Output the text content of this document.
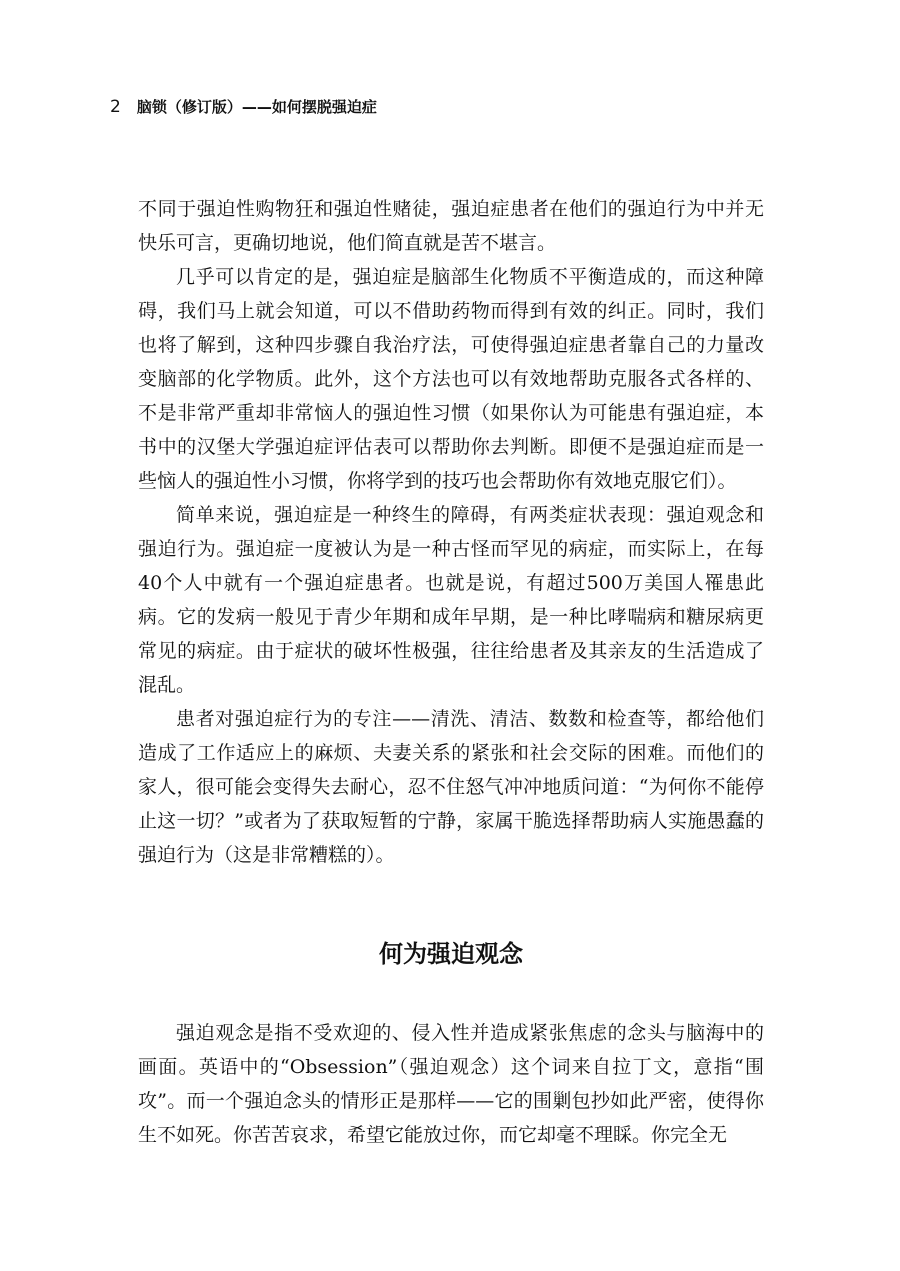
2 脑锁（修订版）——如何摆脱强迫症

不同于强迫性购物狂和强迫性赌徒，强迫症患者在他们的强迫行为中并无快乐可言，更确切地说，他们简直就是苦不堪言。

几乎可以肯定的是，强迫症是脑部生化物质不平衡造成的，而这种障碍，我们马上就会知道，可以不借助药物而得到有效的纠正。同时，我们也将了解到，这种四步骤自我治疗法，可使得强迫症患者靠自己的力量改变脑部的化学物质。此外，这个方法也可以有效地帮助克服各式各样的、不是非常严重却非常恼人的强迫性习惯（如果你认为可能患有强迫症，本书中的汉堡大学强迫症评估表可以帮助你去判断。即便不是强迫症而是一些恼人的强迫性小习惯，你将学到的技巧也会帮助你有效地克服它们）。

简单来说，强迫症是一种终生的障碍，有两类症状表现：强迫观念和强迫行为。强迫症一度被认为是一种古怪而罕见的病症，而实际上，在每40个人中就有一个强迫症患者。也就是说，有超过500万美国人罹患此病。它的发病一般见于青少年期和成年早期，是一种比哮喘病和糖尿病更常见的病症。由于症状的破坏性极强，往往给患者及其亲友的生活造成了混乱。

患者对强迫症行为的专注——清洗、清洁、数数和检查等，都给他们造成了工作适应上的麻烦、夫妻关系的紧张和社会交际的困难。而他们的家人，很可能会变得失去耐心，忍不住怒气冲冲地质问道：“为何你不能停止这一切？”或者为了获取短暂的宁静，家属干脆选择帮助病人实施愚蠢的强迫行为（这是非常糟糕的）。

何为强迫观念

强迫观念是指不受欢迎的、侵入性并造成紧张焦虑的念头与脑海中的画面。英语中的“Obsession”（强迫观念）这个词来自拉丁文，意指“围攻”。而一个强迫念头的情形正是那样——它的围剿包抄如此严密，使得你生不如死。你苦苦哀求，希望它能放过你，而它却毫不理睬。你完全无
